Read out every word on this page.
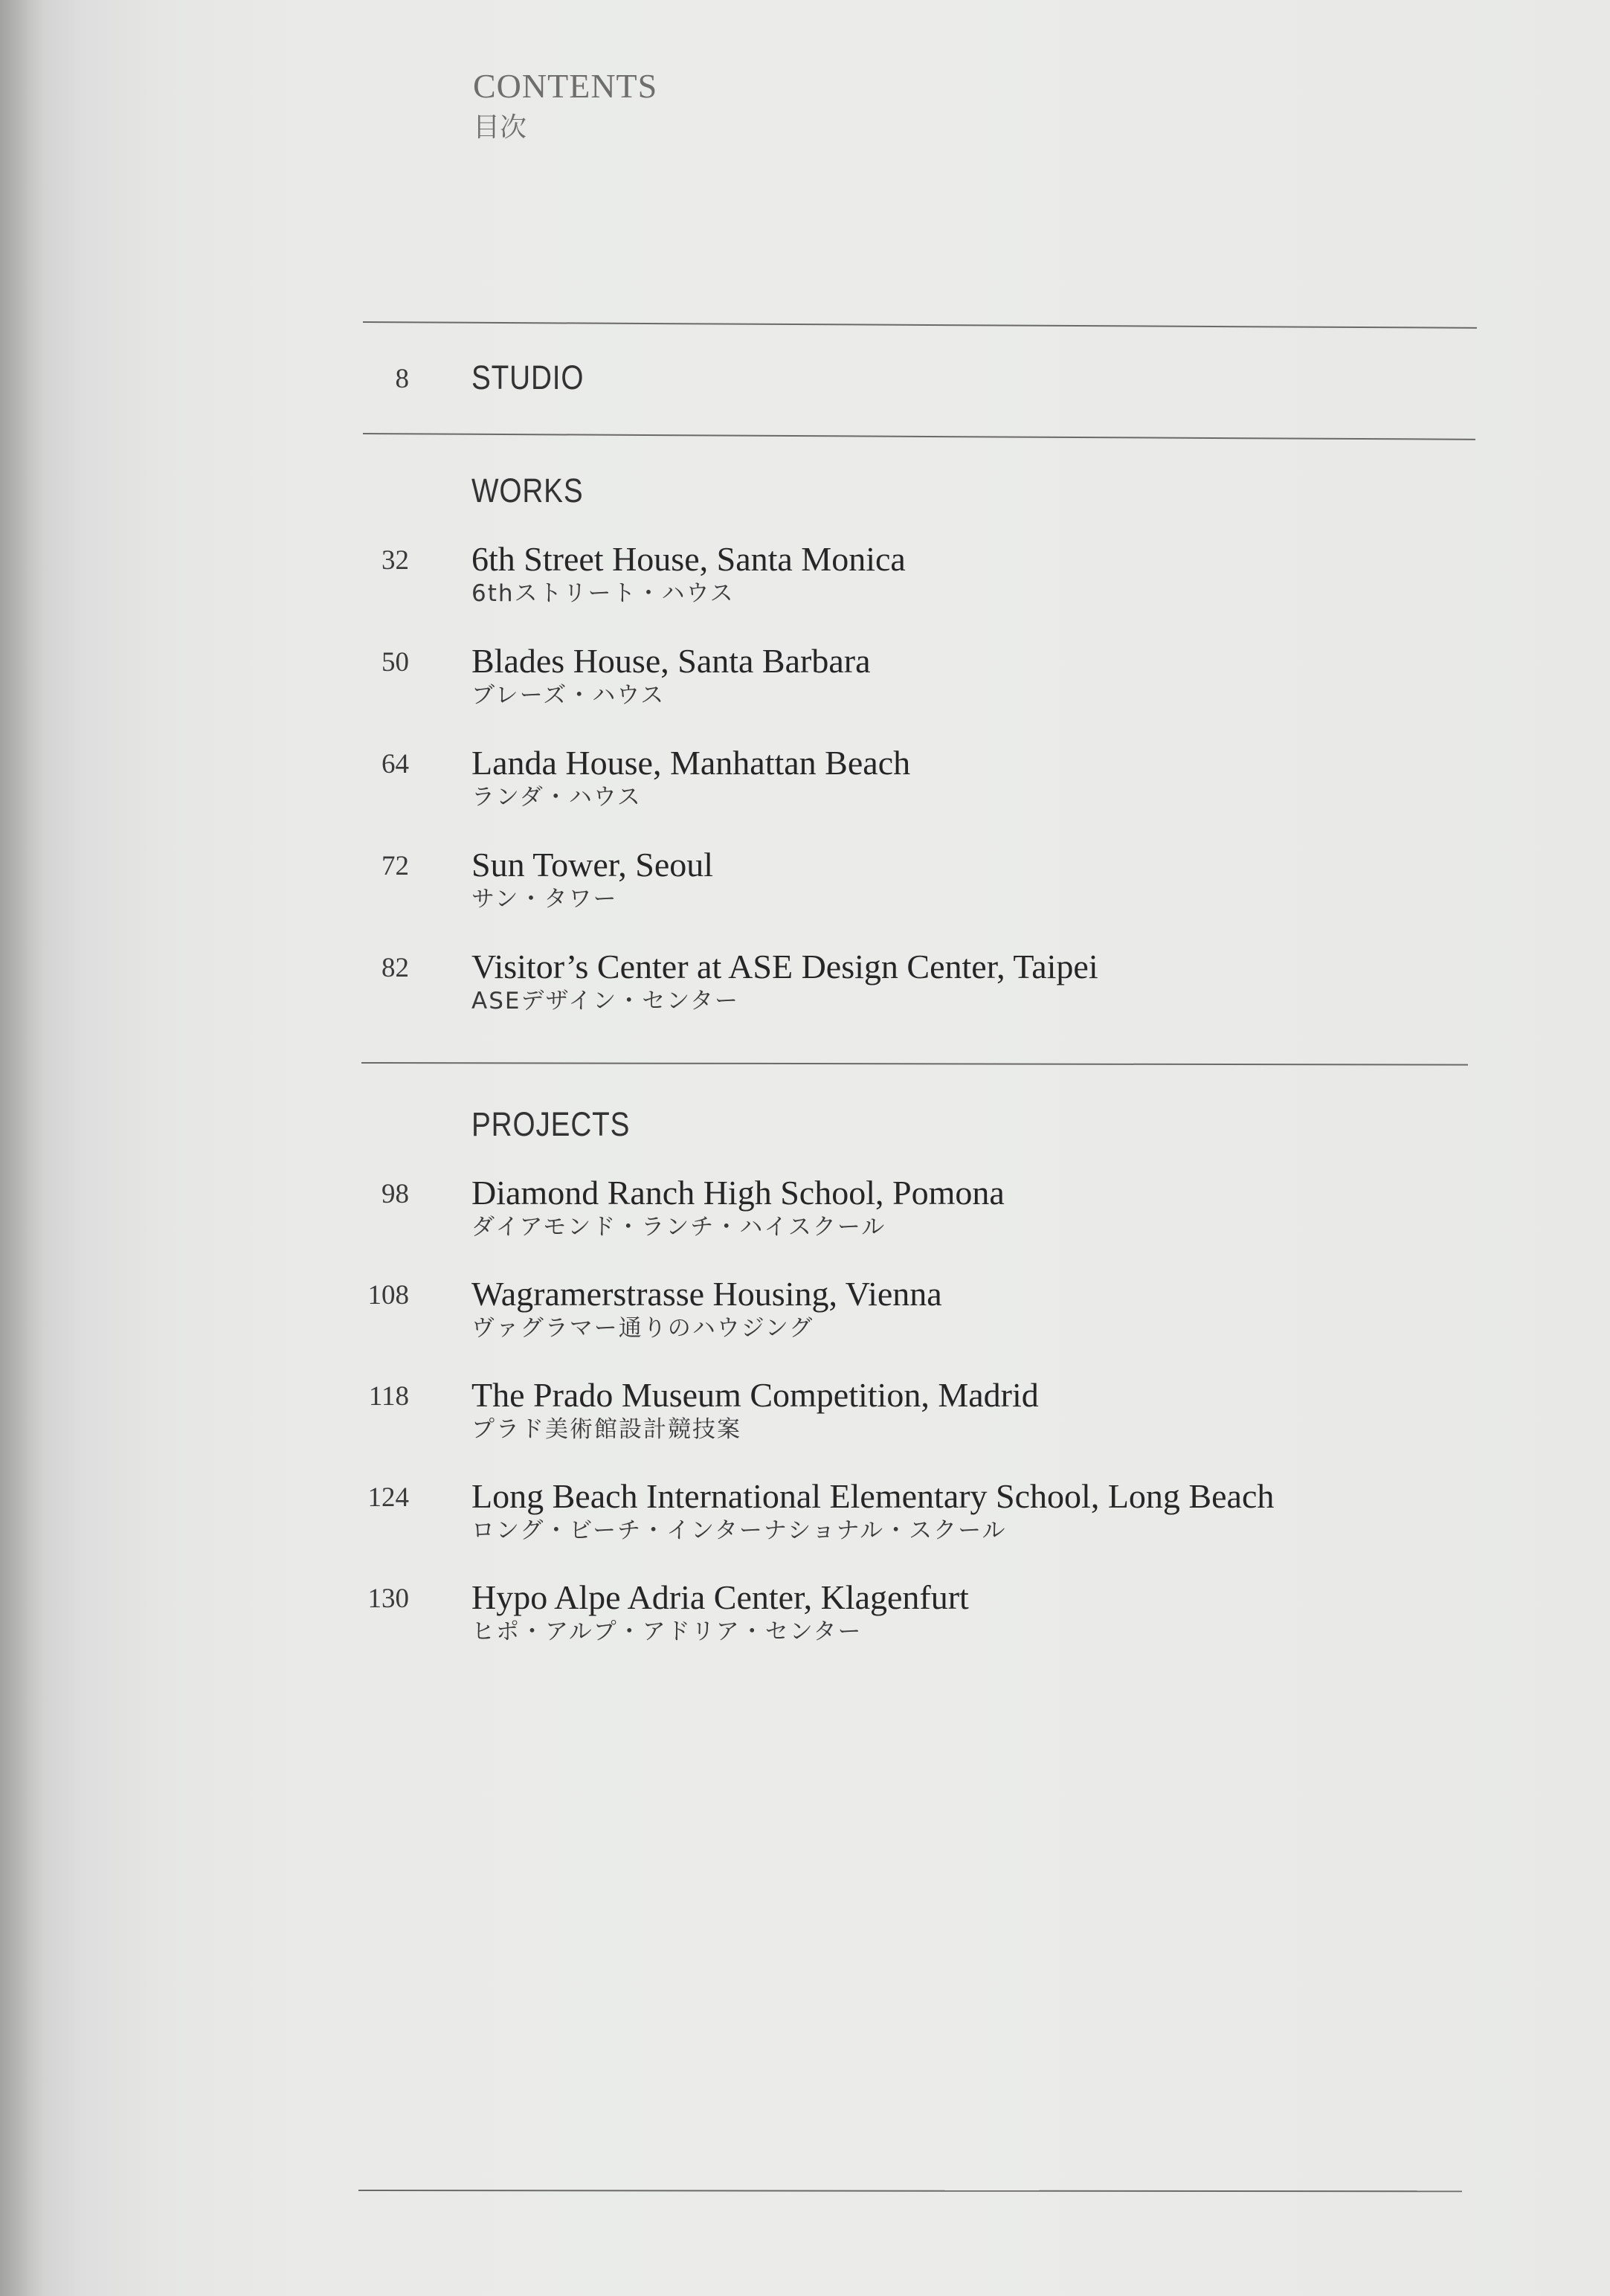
CONTENTS
目次
8 STUDIO
WORKS
32 6th Street House, Santa Monica
6thストリート・ハウス
50 Blades House, Santa Barbara
ブレーズ・ハウス
64 Landa House, Manhattan Beach
ランダ・ハウス
72 Sun Tower, Seoul
サン・タワー
82 Visitor’s Center at ASE Design Center, Taipei
ASEデザイン・センター
PROJECTS
98 Diamond Ranch High School, Pomona
ダイアモンド・ランチ・ハイスクール
108 Wagramerstrasse Housing, Vienna
ヴァグラマー通りのハウジング
118 The Prado Museum Competition, Madrid
プラド美術館設計競技案
124 Long Beach International Elementary School, Long Beach
ロング・ビーチ・インターナショナル・スクール
130 Hypo Alpe Adria Center, Klagenfurt
ヒポ・アルプ・アドリア・センター
